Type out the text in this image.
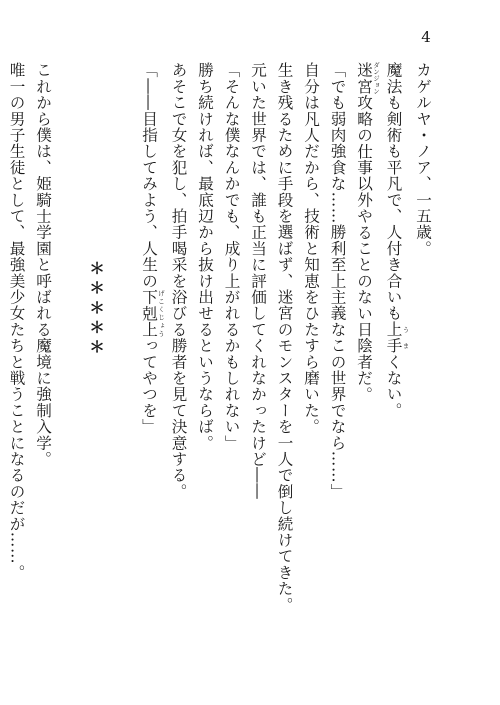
4
カゲルヤ・ノア、一五歳。
魔法も剣術も平凡で、人付き合いも上手 うまくない。
迷宮 ダンジョン攻略の仕事以外やることのない日陰者だ。
「でも弱肉強食な……勝利至上主義なこの世界でなら……」
自分は凡人だから、技術と知恵をひたすら磨いた。
生き残るために手段を選ばず、迷宮のモンスターを一人で倒し続けてきた。
元いた世界では、誰も正当に評価してくれなかったけど――
「そんな僕なんかでも、成り上がれるかもしれない」
勝ち続ければ、最底辺から抜け出せるというならば。
あそこで女を犯し、拍手喝采を浴びる勝者を見て決意する。
「――目指してみよう、人生の下剋上 げこくじょうってやつを」

＊＊＊＊＊

これから僕は、姫騎士学園と呼ばれる魔境に強制入学。
唯一の男子生徒として、最強美少女たちと戦うことになるのだが……。
